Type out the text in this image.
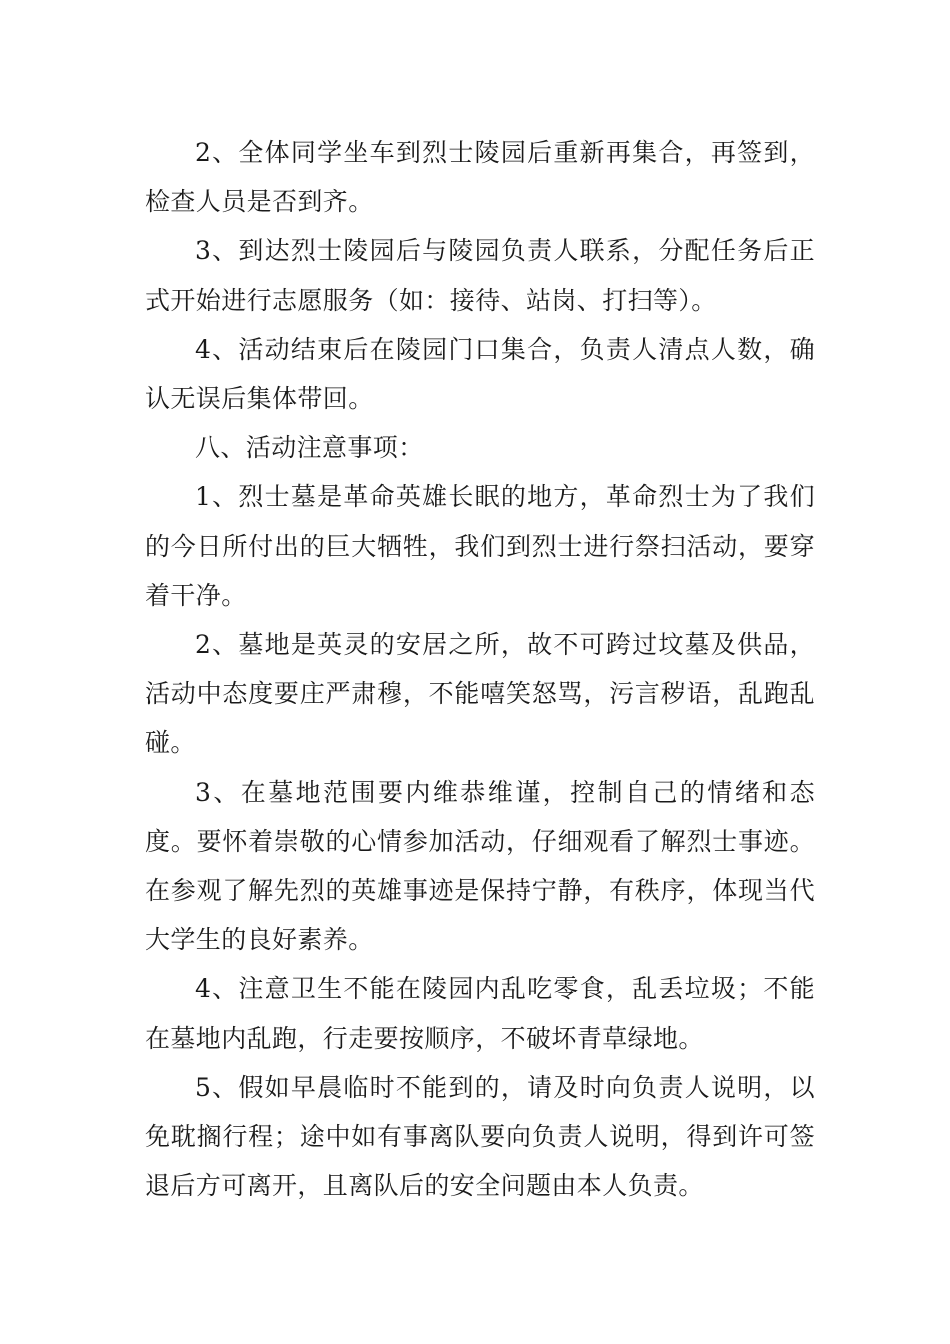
2、全体同学坐车到烈士陵园后重新再集合，再签到，检查人员是否到齐。

3、到达烈士陵园后与陵园负责人联系，分配任务后正式开始进行志愿服务（如：接待、站岗、打扫等）。

4、活动结束后在陵园门口集合，负责人清点人数，确认无误后集体带回。

八、活动注意事项：

1、烈士墓是革命英雄长眠的地方，革命烈士为了我们的今日所付出的巨大牺牲，我们到烈士进行祭扫活动，要穿着干净。

2、墓地是英灵的安居之所，故不可跨过坟墓及供品，活动中态度要庄严肃穆，不能嘻笑怒骂，污言秽语，乱跑乱碰。

3、在墓地范围要内维恭维谨，控制自己的情绪和态度。要怀着崇敬的心情参加活动，仔细观看了解烈士事迹。在参观了解先烈的英雄事迹是保持宁静，有秩序，体现当代大学生的良好素养。

4、注意卫生不能在陵园内乱吃零食，乱丢垃圾；不能在墓地内乱跑，行走要按顺序，不破坏青草绿地。

5、假如早晨临时不能到的，请及时向负责人说明，以免耽搁行程；途中如有事离队要向负责人说明，得到许可签退后方可离开，且离队后的安全问题由本人负责。
